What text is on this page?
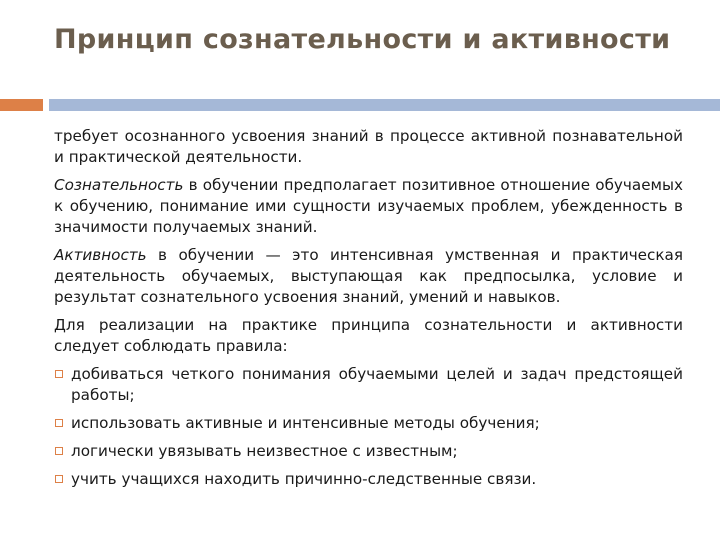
Принцип сознательности и активности

требует осознанного усвоения знаний в процессе активной познавательной и практической деятельности.

Сознательность в обучении предполагает позитивное отношение обучаемых к обучению, понимание ими сущности изучаемых проблем, убежденность в значимости получаемых знаний.

Активность в обучении — это интенсивная умственная и практическая деятельность обучаемых, выступающая как предпосылка, условие и результат сознательного усвоения знаний, умений и навыков.

Для реализации на практике принципа сознательности и активности следует соблюдать правила:

добиваться четкого понимания обучаемыми целей и задач предстоящей работы;
использовать активные и интенсивные методы обучения;
логически увязывать неизвестное с известным;
учить учащихся находить причинно-следственные связи.
